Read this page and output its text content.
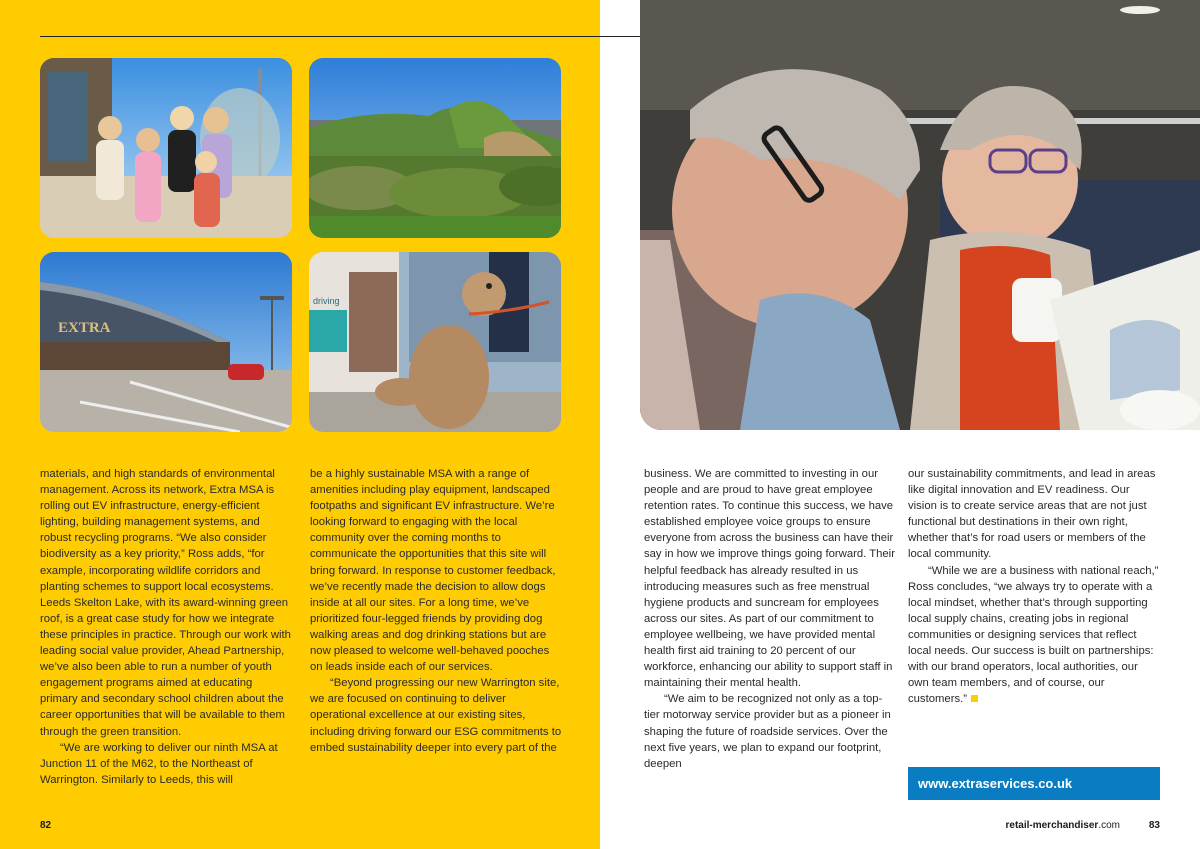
EXTRA
driving

materials, and high standards of environmental management. Across its network, Extra MSA is rolling out EV infrastructure, energy-efficient lighting, building management systems, and robust recycling programs. “We also consider biodiversity as a key priority,” Ross adds, “for example, incorporating wildlife corridors and planting schemes to support local ecosystems. Leeds Skelton Lake, with its award-winning green roof, is a great case study for how we integrate these principles in practice. Through our work with leading social value provider, Ahead Partnership, we’ve also been able to run a number of youth engagement programs aimed at educating primary and secondary school children about the career opportunities that will be available to them through the green transition.

“We are working to deliver our ninth MSA at Junction 11 of the M62, to the Northeast of Warrington. Similarly to Leeds, this will

be a highly sustainable MSA with a range of amenities including play equipment, landscaped footpaths and significant EV infrastructure. We’re looking forward to engaging with the local community over the coming months to communicate the opportunities that this site will bring forward. In response to customer feedback, we’ve recently made the decision to allow dogs inside at all our sites. For a long time, we’ve prioritized four-legged friends by providing dog walking areas and dog drinking stations but are now pleased to welcome well-behaved pooches on leads inside each of our services.

“Beyond progressing our new Warrington site, we are focused on continuing to deliver operational excellence at our existing sites, including driving forward our ESG commitments to embed sustainability deeper into every part of the

business. We are committed to investing in our people and are proud to have great employee retention rates. To continue this success, we have established employee voice groups to ensure everyone from across the business can have their say in how we improve things going forward. Their helpful feedback has already resulted in us introducing measures such as free menstrual hygiene products and suncream for employees across our sites. As part of our commitment to employee wellbeing, we have provided mental health first aid training to 20 percent of our workforce, enhancing our ability to support staff in maintaining their mental health.

“We aim to be recognized not only as a top-tier motorway service provider but as a pioneer in shaping the future of roadside services. Over the next five years, we plan to expand our footprint, deepen

our sustainability commitments, and lead in areas like digital innovation and EV readiness. Our vision is to create service areas that are not just functional but destinations in their own right, whether that’s for road users or members of the local community.

“While we are a business with national reach,” Ross concludes, “we always try to operate with a local mindset, whether that’s through supporting local supply chains, creating jobs in regional communities or designing services that reflect local needs. Our success is built on partnerships: with our brand operators, local authorities, our own team members, and of course, our customers.”

www.extraservices.co.uk
82	retail-merchandiser.com	83
